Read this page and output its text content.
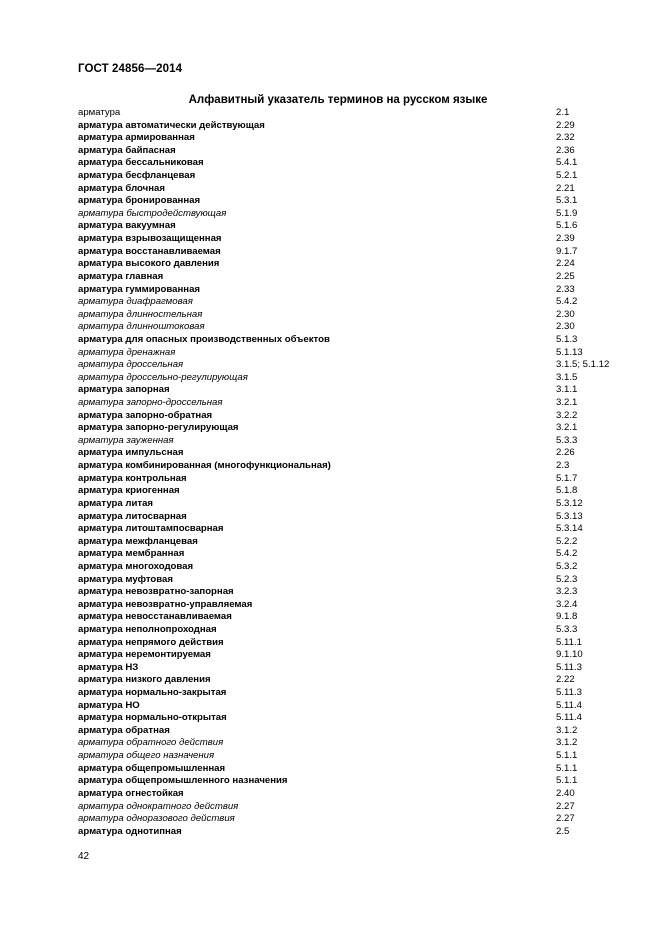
ГОСТ 24856—2014
Алфавитный указатель терминов на русском языке
арматура	2.1
арматура автоматически действующая	2.29
арматура армированная	2.32
арматура байпасная	2.36
арматура бессальниковая	5.4.1
арматура бесфланцевая	5.2.1
арматура блочная	2.21
арматура бронированная	5.3.1
арматура быстродействующая	5.1.9
арматура вакуумная	5.1.6
арматура взрывозащищенная	2.39
арматура восстанавливаемая	9.1.7
арматура высокого давления	2.24
арматура главная	2.25
арматура гуммированная	2.33
арматура диафрагмовая	5.4.2
арматура длинностельная	2.30
арматура длинноштоковая	2.30
арматура для опасных производственных объектов	5.1.3
арматура дренажная	5.1.13
арматура дроссельная	3.1.5; 5.1.12
арматура дроссельно-регулирующая	3.1.5
арматура запорная	3.1.1
арматура запорно-дроссельная	3.2.1
арматура запорно-обратная	3.2.2
арматура запорно-регулирующая	3.2.1
арматура зауженная	5.3.3
арматура импульсная	2.26
арматура комбинированная (многофункциональная)	2.3
арматура контрольная	5.1.7
арматура криогенная	5.1.8
арматура литая	5.3.12
арматура литосварная	5.3.13
арматура литоштампосварная	5.3.14
арматура межфланцевая	5.2.2
арматура мембранная	5.4.2
арматура многоходовая	5.3.2
арматура муфтовая	5.2.3
арматура невозвратно-запорная	3.2.3
арматура невозвратно-управляемая	3.2.4
арматура невосстанавливаемая	9.1.8
арматура неполнопроходная	5.3.3
арматура непрямого действия	5.11.1
арматура неремонтируемая	9.1.10
арматура НЗ	5.11.3
арматура низкого давления	2.22
арматура нормально-закрытая	5.11.3
арматура НО	5.11.4
арматура нормально-открытая	5.11.4
арматура обратная	3.1.2
арматура обратного действия	3.1.2
арматура общего назначения	5.1.1
арматура общепромышленная	5.1.1
арматура общепромышленного назначения	5.1.1
арматура огнестойкая	2.40
арматура однократного действия	2.27
арматура одноразового действия	2.27
арматура однотипная	2.5
42
